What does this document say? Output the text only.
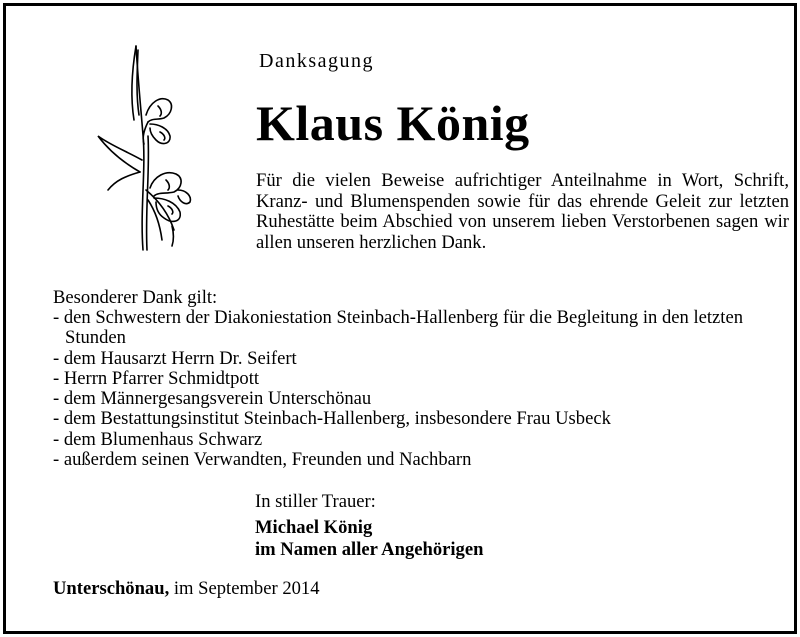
Danksagung
Klaus König
Für die vielen Beweise aufrichtiger Anteilnahme in Wort, Schrift, Kranz- und Blumenspenden sowie für das ehrende Geleit zur letzten Ruhestätte beim Abschied von unserem lieben Verstorbenen sagen wir allen unseren herzlichen Dank.
Besonderer Dank gilt:
- den Schwestern der Diakoniestation Steinbach-Hallenberg für die Begleitung in den letzten Stunden
- dem Hausarzt Herrn Dr. Seifert
- Herrn Pfarrer Schmidtpott
- dem Männergesangsverein Unterschönau
- dem Bestattungsinstitut Steinbach-Hallenberg, insbesondere Frau Usbeck
- dem Blumenhaus Schwarz
- außerdem seinen Verwandten, Freunden und Nachbarn
In stiller Trauer:
Michael König
im Namen aller Angehörigen
Unterschönau, im September 2014
